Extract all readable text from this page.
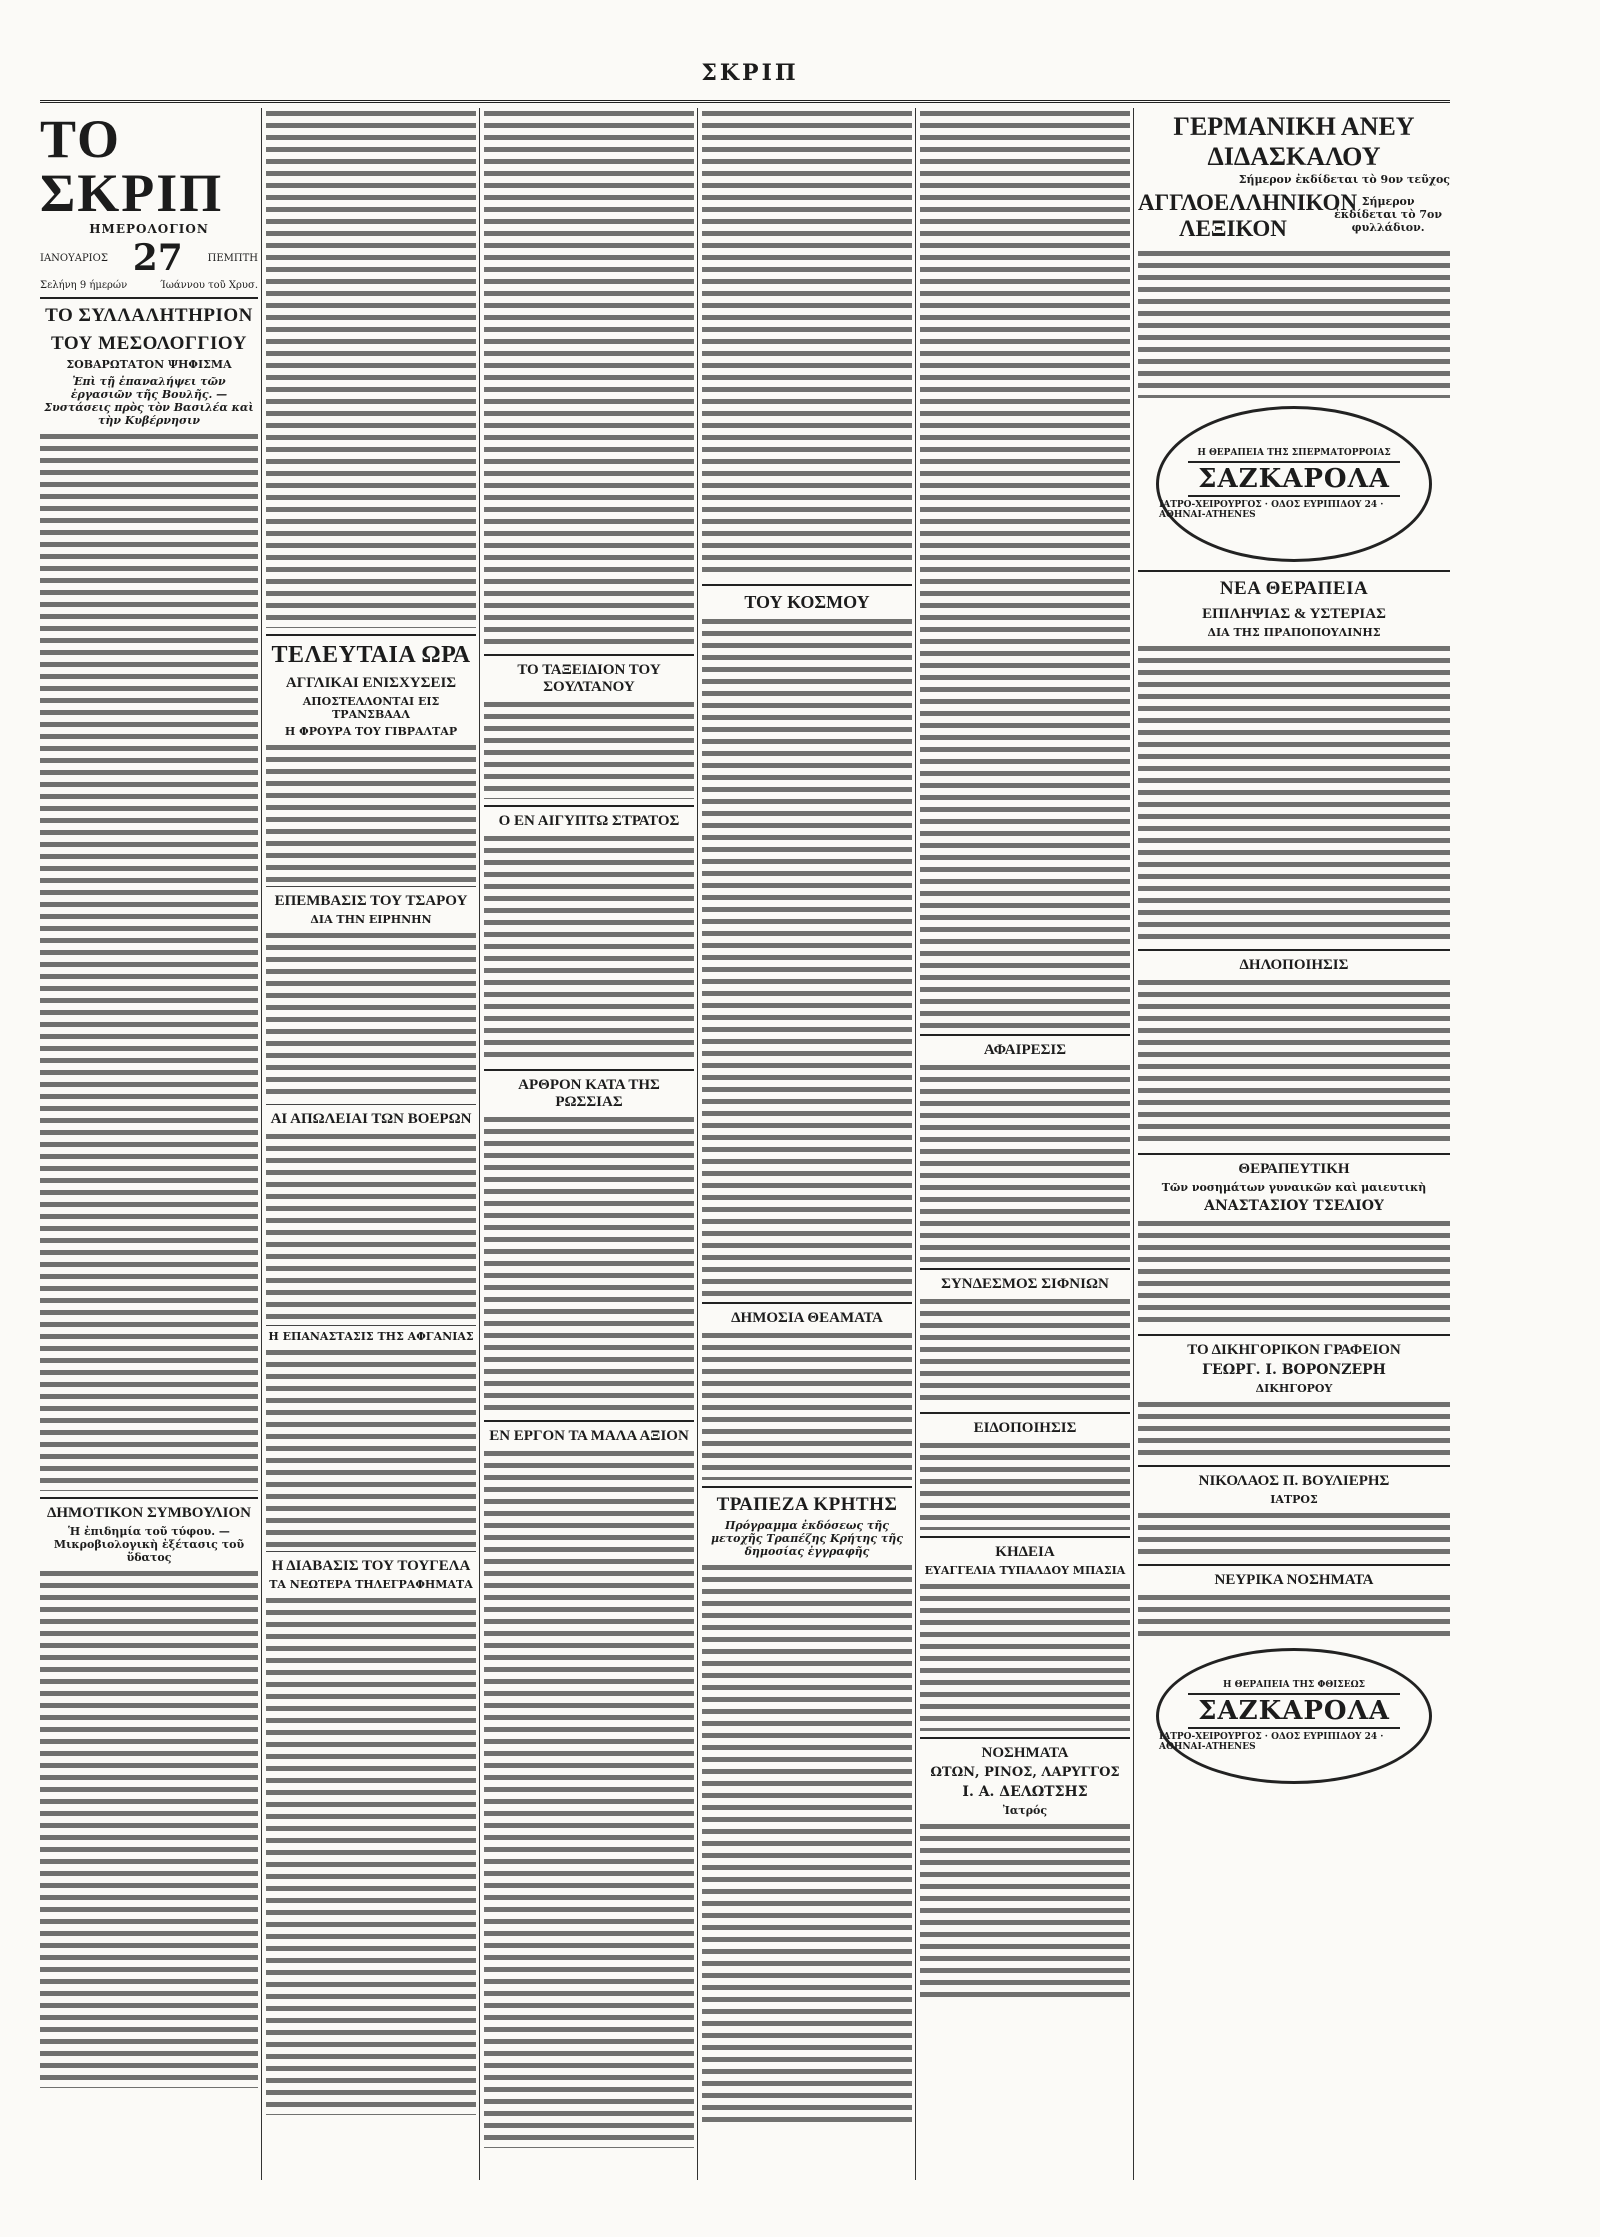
ΣΚΡΙΠ
ΤΟ ΣΚΡΙΠ
ΗΜΕΡΟΛΟΓΙΟΝ
ΙΑΝΟΥΑΡΙΟΣ 27 ΠΕΜΠΤΗ
Σελήνη 9 ήμερών	Ίωάννου τοῦ Χρυσ.
ΤΟ ΣΥΛΛΑΛΗΤΗΡΙΟΝ
ΤΟΥ ΜΕΣΟΛΟΓΓΙΟΥ
ΣΟΒΑΡΩΤΑΤΟΝ ΨΗΦΙΣΜΑ
Ἐπὶ τῇ ἐπαναλήψει τῶν ἐργασιῶν τῆς Βουλῆς. — Συστάσεις πρὸς τὸν Βασιλέα καὶ τὴν Κυβέρνησιν
ΔΗΜΟΤΙΚΟΝ ΣΥΜΒΟΥΛΙΟΝ
Ἡ ἐπιδημία τοῦ τύφου. — Μικροβιολογικὴ ἐξέτασις τοῦ ὕδατος
ΤΕΛΕΥΤΑΙΑ ΩΡΑ
ΑΓΓΛΙΚΑΙ ΕΝΙΣΧΥΣΕΙΣ
ΑΠΟΣΤΕΛΛΟΝΤΑΙ ΕΙΣ ΤΡΑΝΣΒΑΑΛ
Η ΦΡΟΥΡΑ ΤΟΥ ΓΙΒΡΑΛΤΑΡ
ΕΠΕΜΒΑΣΙΣ ΤΟΥ ΤΣΑΡΟΥ
ΔΙΑ ΤΗΝ ΕΙΡΗΝΗΝ
ΑΙ ΑΠΩΛΕΙΑΙ ΤΩΝ ΒΟΕΡΩΝ
Η ΕΠΑΝΑΣΤΑΣΙΣ ΤΗΣ ΑΦΓΑΝΙΑΣ
Η ΔΙΑΒΑΣΙΣ ΤΟΥ ΤΟΥΓΕΛΑ
ΤΑ ΝΕΩΤΕΡΑ ΤΗΛΕΓΡΑΦΗΜΑΤΑ
ΤΟ ΤΑΞΕΙΔΙΟΝ ΤΟΥ ΣΟΥΛΤΑΝΟΥ
Ο ΕΝ ΑΙΓΥΠΤΩ ΣΤΡΑΤΟΣ
ΑΡΘΡΟΝ ΚΑΤΑ ΤΗΣ ΡΩΣΣΙΑΣ
ΕΝ ΕΡΓΟΝ ΤΑ ΜΑΛΑ ΑΞΙΟΝ
ΤΟΥ ΚΟΣΜΟΥ
ΔΗΜΟΣΙΑ ΘΕΑΜΑΤΑ
ΤΡΑΠΕΖΑ ΚΡΗΤΗΣ
Πρόγραμμα ἐκδόσεως τῆς μετοχῆς Τραπέζης Κρήτης τῆς δημοσίας ἐγγραφῆς
ΑΦΑΙΡΕΣΙΣ
ΣΥΝΔΕΣΜΟΣ ΣΙΦΝΙΩΝ
ΕΙΔΟΠΟΙΗΣΙΣ
ΚΗΔΕΙΑ
ΕΥΑΓΓΕΛΙΑ ΤΥΠΑΛΔΟΥ ΜΠΑΣΙΑ
ΝΟΣΗΜΑΤΑ
ΩΤΩΝ, ΡΙΝΟΣ, ΛΑΡΥΓΓΟΣ
Ι. Α. ΔΕΛΩΤΣΗΣ
Ἰατρός
ΓΕΡΜΑΝΙΚΗ ΑΝΕΥ ΔΙΔΑΣΚΑΛΟΥ
Σήμερον ἐκδίδεται τὸ 9ον τεῦχος
ΑΓΓΛΟΕΛΛΗΝΙΚΟΝ ΛΕΞΙΚΟΝ Σήμερον ἐκδίδεται τὸ 7ον φυλλάδιον.
Η ΘΕΡΑΠΕΙΑ ΤΗΣ ΣΠΕΡΜΑΤΟΡΡΟΙΑΣ
ΣΑΖΚΑΡΟΛΑ
ΙΑΤΡΟ-ΧΕΙΡΟΥΡΓΟΣ · ΟΔΟΣ ΕΥΡΙΠΙΔΟΥ 24 · ΑΘΗΝΑΙ-ATHENES
ΝΕΑ ΘΕΡΑΠΕΙΑ
ΕΠΙΛΗΨΙΑΣ & ΥΣΤΕΡΙΑΣ
ΔΙΑ ΤΗΣ ΠΡΑΠΟΠΟΥΛΙΝΗΣ
ΔΗΛΟΠΟΙΗΣΙΣ
ΘΕΡΑΠΕΥΤΙΚΗ
Τῶν νοσημάτων γυναικῶν καὶ μαιευτικὴ
ΑΝΑΣΤΑΣΙΟΥ ΤΣΕΛΙΟΥ
ΤΟ ΔΙΚΗΓΟΡΙΚΟΝ ΓΡΑΦΕΙΟΝ
ΓΕΩΡΓ. Ι. ΒΟΡΟΝΖΕΡΗ
ΔΙΚΗΓΟΡΟΥ
ΝΙΚΟΛΑΟΣ Π. ΒΟΥΛΙΕΡΗΣ
ΙΑΤΡΟΣ
ΝΕΥΡΙΚΑ ΝΟΣΗΜΑΤΑ
Η ΘΕΡΑΠΕΙΑ ΤΗΣ ΦΘΙΣΕΩΣ
ΣΑΖΚΑΡΟΛΑ
ΙΑΤΡΟ-ΧΕΙΡΟΥΡΓΟΣ · ΟΔΟΣ ΕΥΡΙΠΙΔΟΥ 24 · ΑΘΗΝΑΙ-ATHENES
